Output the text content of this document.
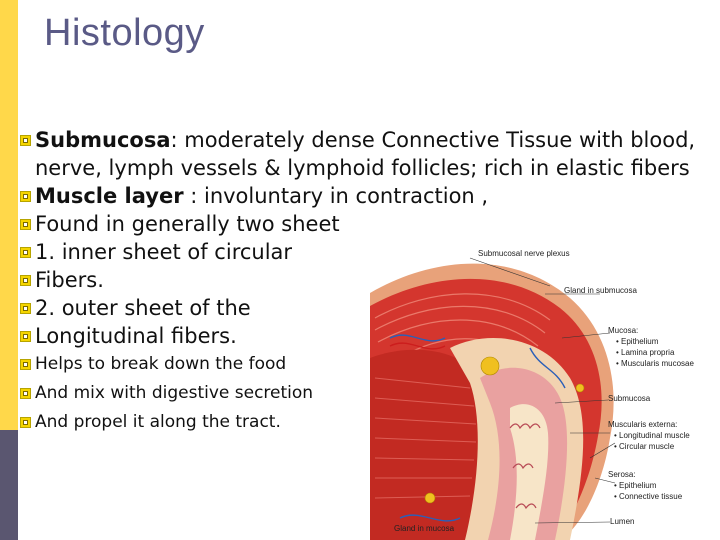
Histology
Submucosa: moderately dense Connective Tissue with blood, nerve, lymph vessels & lymphoid follicles; rich in elastic fibers
Muscle layer : involuntary in contraction ,
Found in generally two sheet
1. inner sheet of circular
Fibers.
2. outer sheet of the
Longitudinal fibers.
Helps to break down the food
And mix with digestive secretion
And propel it along the tract.
Submucosal nerve plexus
Gland in submucosa
Mucosa:
• Epithelium
• Lamina propria
• Muscularis mucosae
Submucosa
Muscularis externa:
• Longitudinal muscle
• Circular muscle
Serosa:
• Epithelium
• Connective tissue
Lumen
Gland in mucosa
